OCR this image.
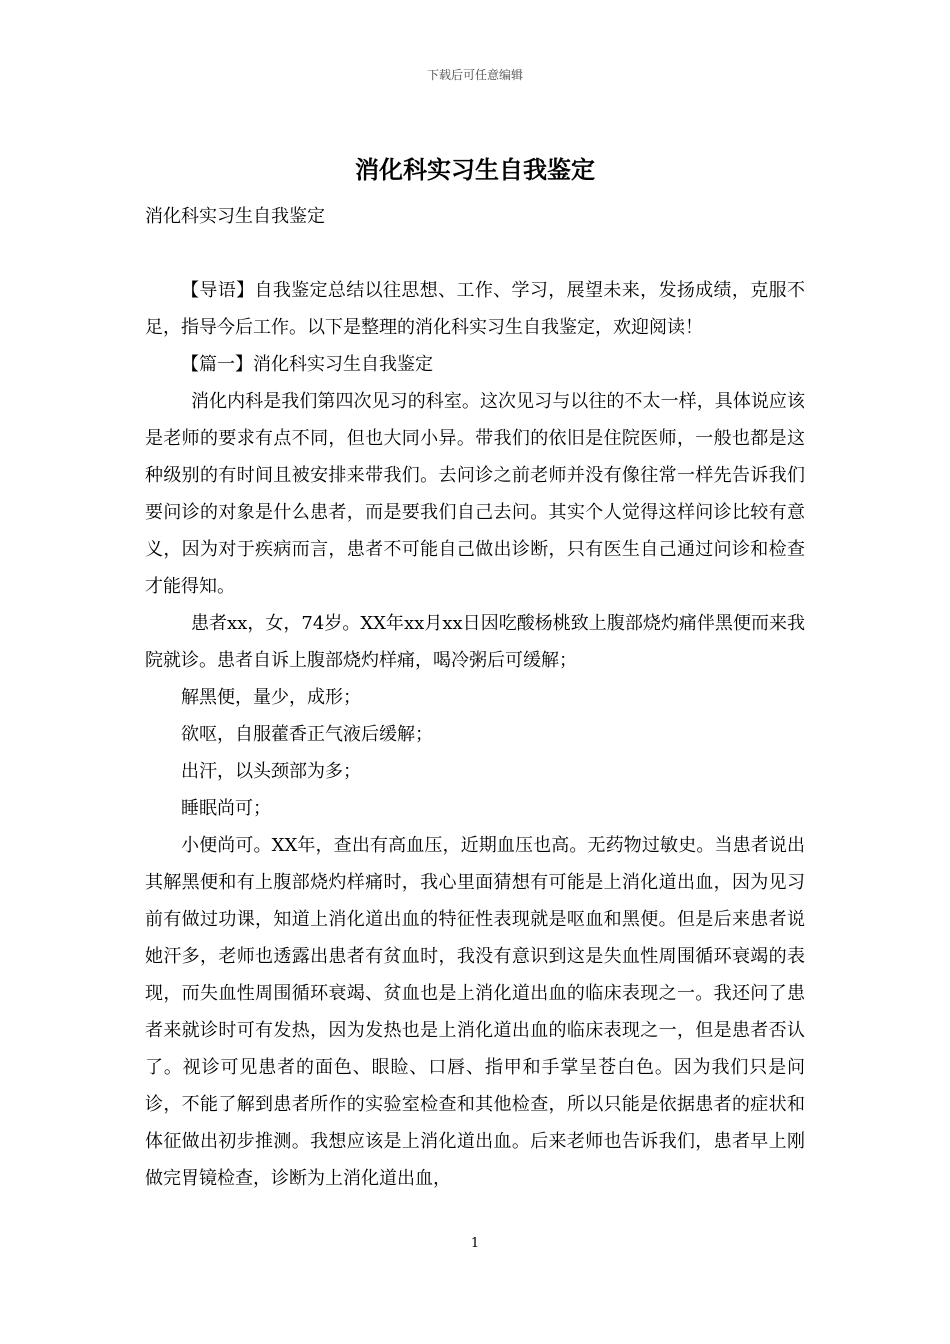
下载后可任意编辑
消化科实习生自我鉴定

消化科实习生自我鉴定

【导语】自我鉴定总结以往思想、工作、学习，展望未来，发扬成绩，克服不足，指导今后工作。以下是整理的消化科实习生自我鉴定，欢迎阅读！

【篇一】消化科实习生自我鉴定

消化内科是我们第四次见习的科室。这次见习与以往的不太一样，具体说应该是老师的要求有点不同，但也大同小异。带我们的依旧是住院医师，一般也都是这种级别的有时间且被安排来带我们。去问诊之前老师并没有像往常一样先告诉我们要问诊的对象是什么患者，而是要我们自己去问。其实个人觉得这样问诊比较有意义，因为对于疾病而言，患者不可能自己做出诊断，只有医生自己通过问诊和检查才能得知。

患者xx，女，74岁。XX年xx月xx日因吃酸杨桃致上腹部烧灼痛伴黑便而来我院就诊。患者自诉上腹部烧灼样痛，喝冷粥后可缓解；

解黑便，量少，成形；

欲呕，自服藿香正气液后缓解；

出汗，以头颈部为多；

睡眠尚可；

小便尚可。XX年，查出有高血压，近期血压也高。无药物过敏史。当患者说出其解黑便和有上腹部烧灼样痛时，我心里面猜想有可能是上消化道出血，因为见习前有做过功课，知道上消化道出血的特征性表现就是呕血和黑便。但是后来患者说她汗多，老师也透露出患者有贫血时，我没有意识到这是失血性周围循环衰竭的表现，而失血性周围循环衰竭、贫血也是上消化道出血的临床表现之一。我还问了患者来就诊时可有发热，因为发热也是上消化道出血的临床表现之一，但是患者否认了。视诊可见患者的面色、眼睑、口唇、指甲和手掌呈苍白色。因为我们只是问诊，不能了解到患者所作的实验室检查和其他检查，所以只能是依据患者的症状和体征做出初步推测。我想应该是上消化道出血。后来老师也告诉我们，患者早上刚做完胃镜检查，诊断为上消化道出血，

1
